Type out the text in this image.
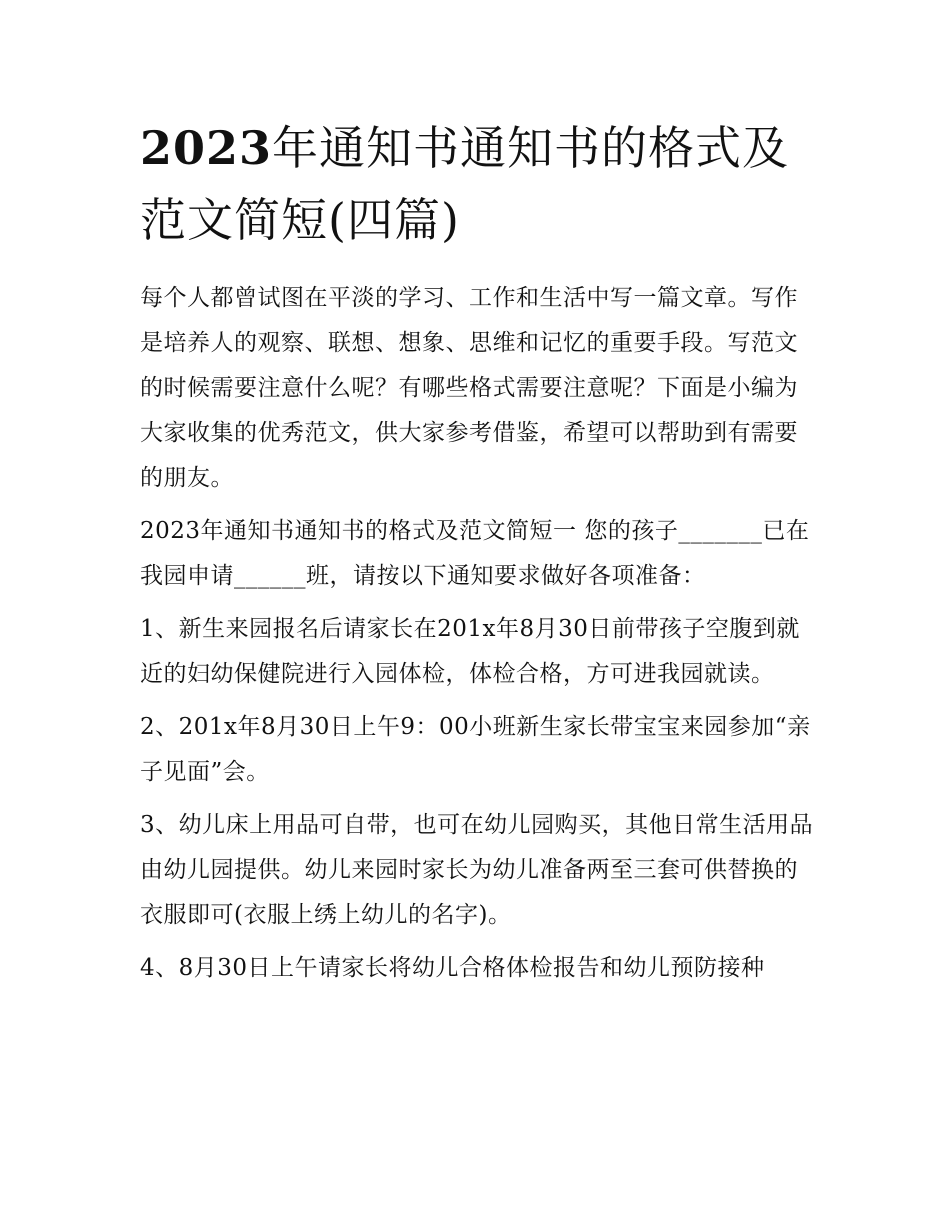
2023年通知书通知书的格式及范文简短(四篇)

每个人都曾试图在平淡的学习、工作和生活中写一篇文章。写作是培养人的观察、联想、想象、思维和记忆的重要手段。写范文的时候需要注意什么呢？有哪些格式需要注意呢？下面是小编为大家收集的优秀范文，供大家参考借鉴，希望可以帮助到有需要的朋友。

2023年通知书通知书的格式及范文简短一 您的孩子_______已在我园申请______班，请按以下通知要求做好各项准备：

1、新生来园报名后请家长在201x年8月30日前带孩子空腹到就近的妇幼保健院进行入园体检，体检合格，方可进我园就读。

2、201x年8月30日上午9：00小班新生家长带宝宝来园参加“亲子见面”会。

3、幼儿床上用品可自带，也可在幼儿园购买，其他日常生活用品由幼儿园提供。幼儿来园时家长为幼儿准备两至三套可供替换的衣服即可(衣服上绣上幼儿的名字)。

4、8月30日上午请家长将幼儿合格体检报告和幼儿预防接种
